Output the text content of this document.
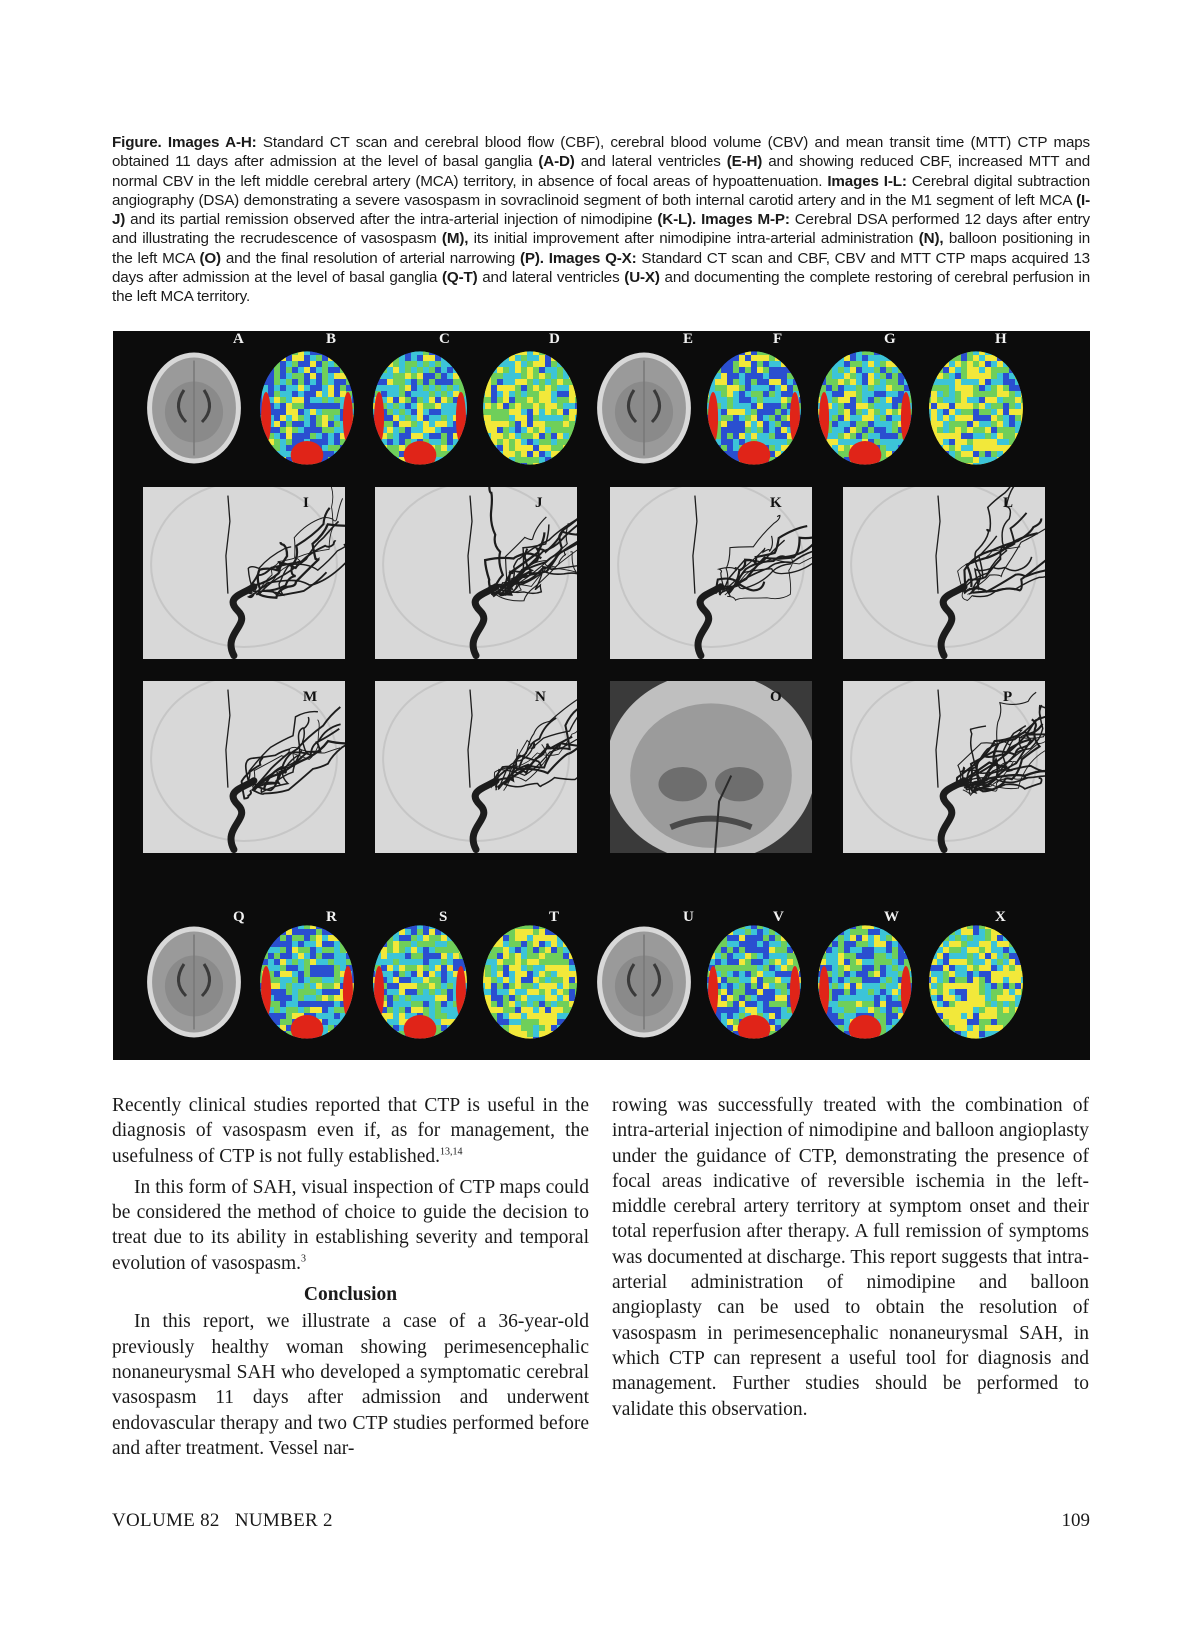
Figure. Images A-H: Standard CT scan and cerebral blood flow (CBF), cerebral blood volume (CBV) and mean transit time (MTT) CTP maps obtained 11 days after admission at the level of basal ganglia (A-D) and lateral ventricles (E-H) and showing reduced CBF, increased MTT and normal CBV in the left middle cerebral artery (MCA) territory, in absence of focal areas of hypoattenuation. Images I-L: Cerebral digital subtraction angiography (DSA) demonstrating a severe vasospasm in sovraclinoid segment of both internal carotid artery and in the M1 segment of left MCA (I-J) and its partial remission observed after the intra-arterial injection of nimodipine (K-L). Images M-P: Cerebral DSA performed 12 days after entry and illustrating the recrudescence of vasospasm (M), its initial improvement after nimodipine intra-arterial administration (N), balloon positioning in the left MCA (O) and the final resolution of arterial narrowing (P). Images Q-X: Standard CT scan and CBF, CBV and MTT CTP maps acquired 13 days after admission at the level of basal ganglia (Q-T) and lateral ventricles (U-X) and documenting the complete restoring of cerebral perfusion in the left MCA territory.
A	B	C	D	E	F	G	H
I	J	K	L
M	N	O	P
Q	R	S	T	U	V	W	X

Recently clinical studies reported that CTP is useful in the diagnosis of vasospasm even if, as for management, the usefulness of CTP is not fully established.$^{13,14}$

In this form of SAH, visual inspection of CTP maps could be considered the method of choice to guide the decision to treat due to its ability in establishing severity and temporal evolution of vasospasm.$^3$

Conclusion

In this report, we illustrate a case of a 36-year-old previously healthy woman showing perimesencephalic nonaneurysmal SAH who developed a symptomatic cerebral vasospasm 11 days after admission and underwent endovascular therapy and two CTP studies performed before and after treatment. Vessel nar-

rowing was successfully treated with the combination of intra-arterial injection of nimodipine and balloon angioplasty under the guidance of CTP, demonstrating the presence of focal areas indicative of reversible ischemia in the left-middle cerebral artery territory at symptom onset and their total reperfusion after therapy. A full remission of symptoms was documented at discharge. This report suggests that intra-arterial administration of nimodipine and balloon angioplasty can be used to obtain the resolution of vasospasm in perimesencephalic nonaneurysmal SAH, in which CTP can represent a useful tool for diagnosis and management. Further studies should be performed to validate this observation.

VOLUME 82   NUMBER 2	109
